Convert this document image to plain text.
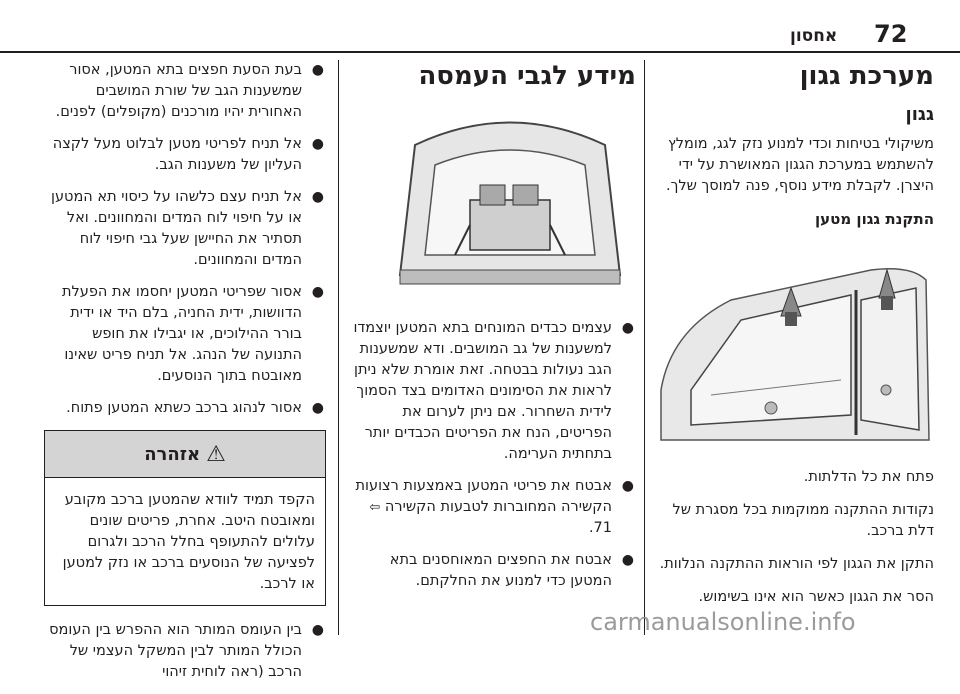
72
אחסון
מערכת גגון
גגון

משיקולי בטיחות וכדי למנוע נזק לגג, מומלץ להשתמש במערכת הגגון המאושרת על ידי היצרן. לקבלת מידע נוסף, פנה למוסך שלך.

התקנת גגון מטען

פתח את כל הדלתות.

נקודות ההתקנה ממוקמות בכל מסגרת של דלת ברכב.

התקן את הגגון לפי הוראות ההתקנה הנלוות.

הסר את הגגון כאשר הוא אינו בשימוש.

מידע לגבי העמסה
●
עצמים כבדים המונחים בתא המטען יוצמדו למשענות של גב המושבים. ודא שמשענות הגב נעולות בבטחה. זאת אומרת שלא ניתן לראות את הסימונים האדומים בצד הסמוך לידית השחרור. אם ניתן לערום את הפריטים, הנח את הפריטים הכבדים יותר בתחתית הערימה.
●
אבטח את פריטי המטען באמצעות רצועות הקשירה המחוברות לטבעות הקשירה ⇦ 71.
●
אבטח את החפצים המאוחסנים בתא המטען כדי למנוע את החלקתם.
●
בעת הסעת חפצים בתא המטען, אסור שמשענות הגב של שורת המושבים האחורית יהיו מורכנים (מקופלים) לפנים.
●
אל תניח לפריטי מטען לבלוט מעל לקצה העליון של משענות הגב.
●
אל תניח עצם כלשהו על כיסוי תא המטען או על חיפוי לוח המדים והמחוונים. ואל תסתיר את החיישן שעל גבי חיפוי לוח המדים והמחוונים.
●
אסור שפריטי המטען יחסמו את הפעלת הדוושות, ידית החניה, בלם היד או ידית בורר ההילוכים, או יגבילו את חופש התנועה של הנהג. אל תניח פריט שאינו מאובטח בתוך הנוסעים.
●
אסור לנהוג ברכב כשתא המטען פתוח.
⚠
אזהרה
הקפד תמיד לוודא שהמטען ברכב מקובע ומאובטח היטב. אחרת, פריטים שונים עלולים להתעופף בחלל הרכב ולגרום לפציעה של הנוסעים ברכב או נזק למטען או לרכב.
●
בין העומס המותר הוא ההפרש בין העומס הכולל המותר לבין המשקל העצמי של הרכב (ראה לוחית זיהוי
carmanualsonline.info
